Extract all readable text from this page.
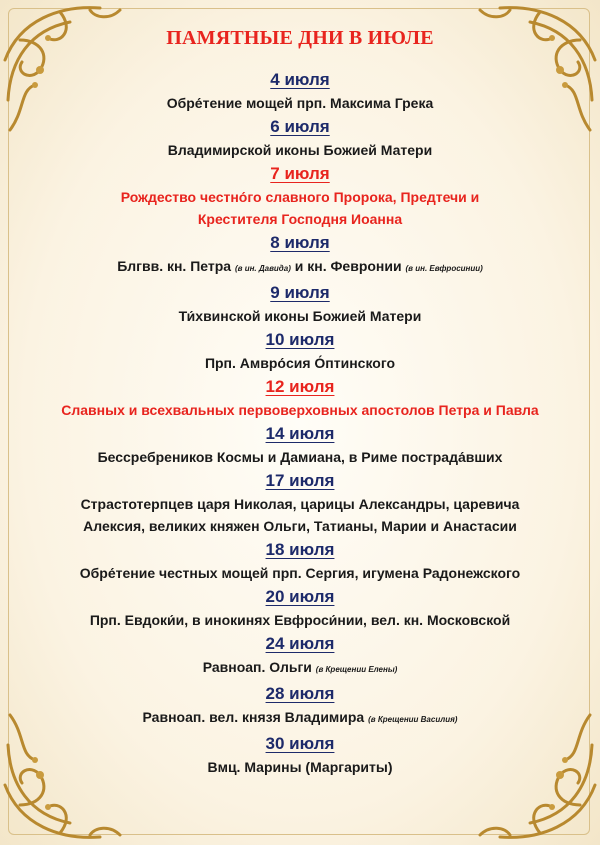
ПАМЯТНЫЕ ДНИ В ИЮЛЕ
4 июля
Обре́тение мощей прп. Максима Грека
6 июля
Владимирской иконы Божией Матери
7 июля
Рождество честно́го славного Пророка, Предтечи и
Крестителя Господня Иоанна
8 июля
Блгвв. кн. Петра (в ин. Давида) и кн. Февронии (в ин. Евфросинии)
9 июля
Ти́хвинской иконы Божией Матери
10 июля
Прп. Амвро́сия О́птинского
12 июля
Славных и всехвальных первоверховных апостолов Петра и Павла
14 июля
Бессребреников Космы и Дамиана, в Риме пострада́вших
17 июля
Страстотерпцев царя Николая, царицы Александры, царевича
Алексия, великих княжен Ольги, Татианы, Марии и Анастасии
18 июля
Обре́тение честных мощей прп. Сергия, игумена Радонежского
20 июля
Прп. Евдоки́и, в инокинях Евфроси́нии, вел. кн. Московской
24 июля
Равноап. Ольги (в Крещении Елены)
28 июля
Равноап. вел. князя Владимира (в Крещении Василия)
30 июля
Вмц. Марины (Маргариты)
